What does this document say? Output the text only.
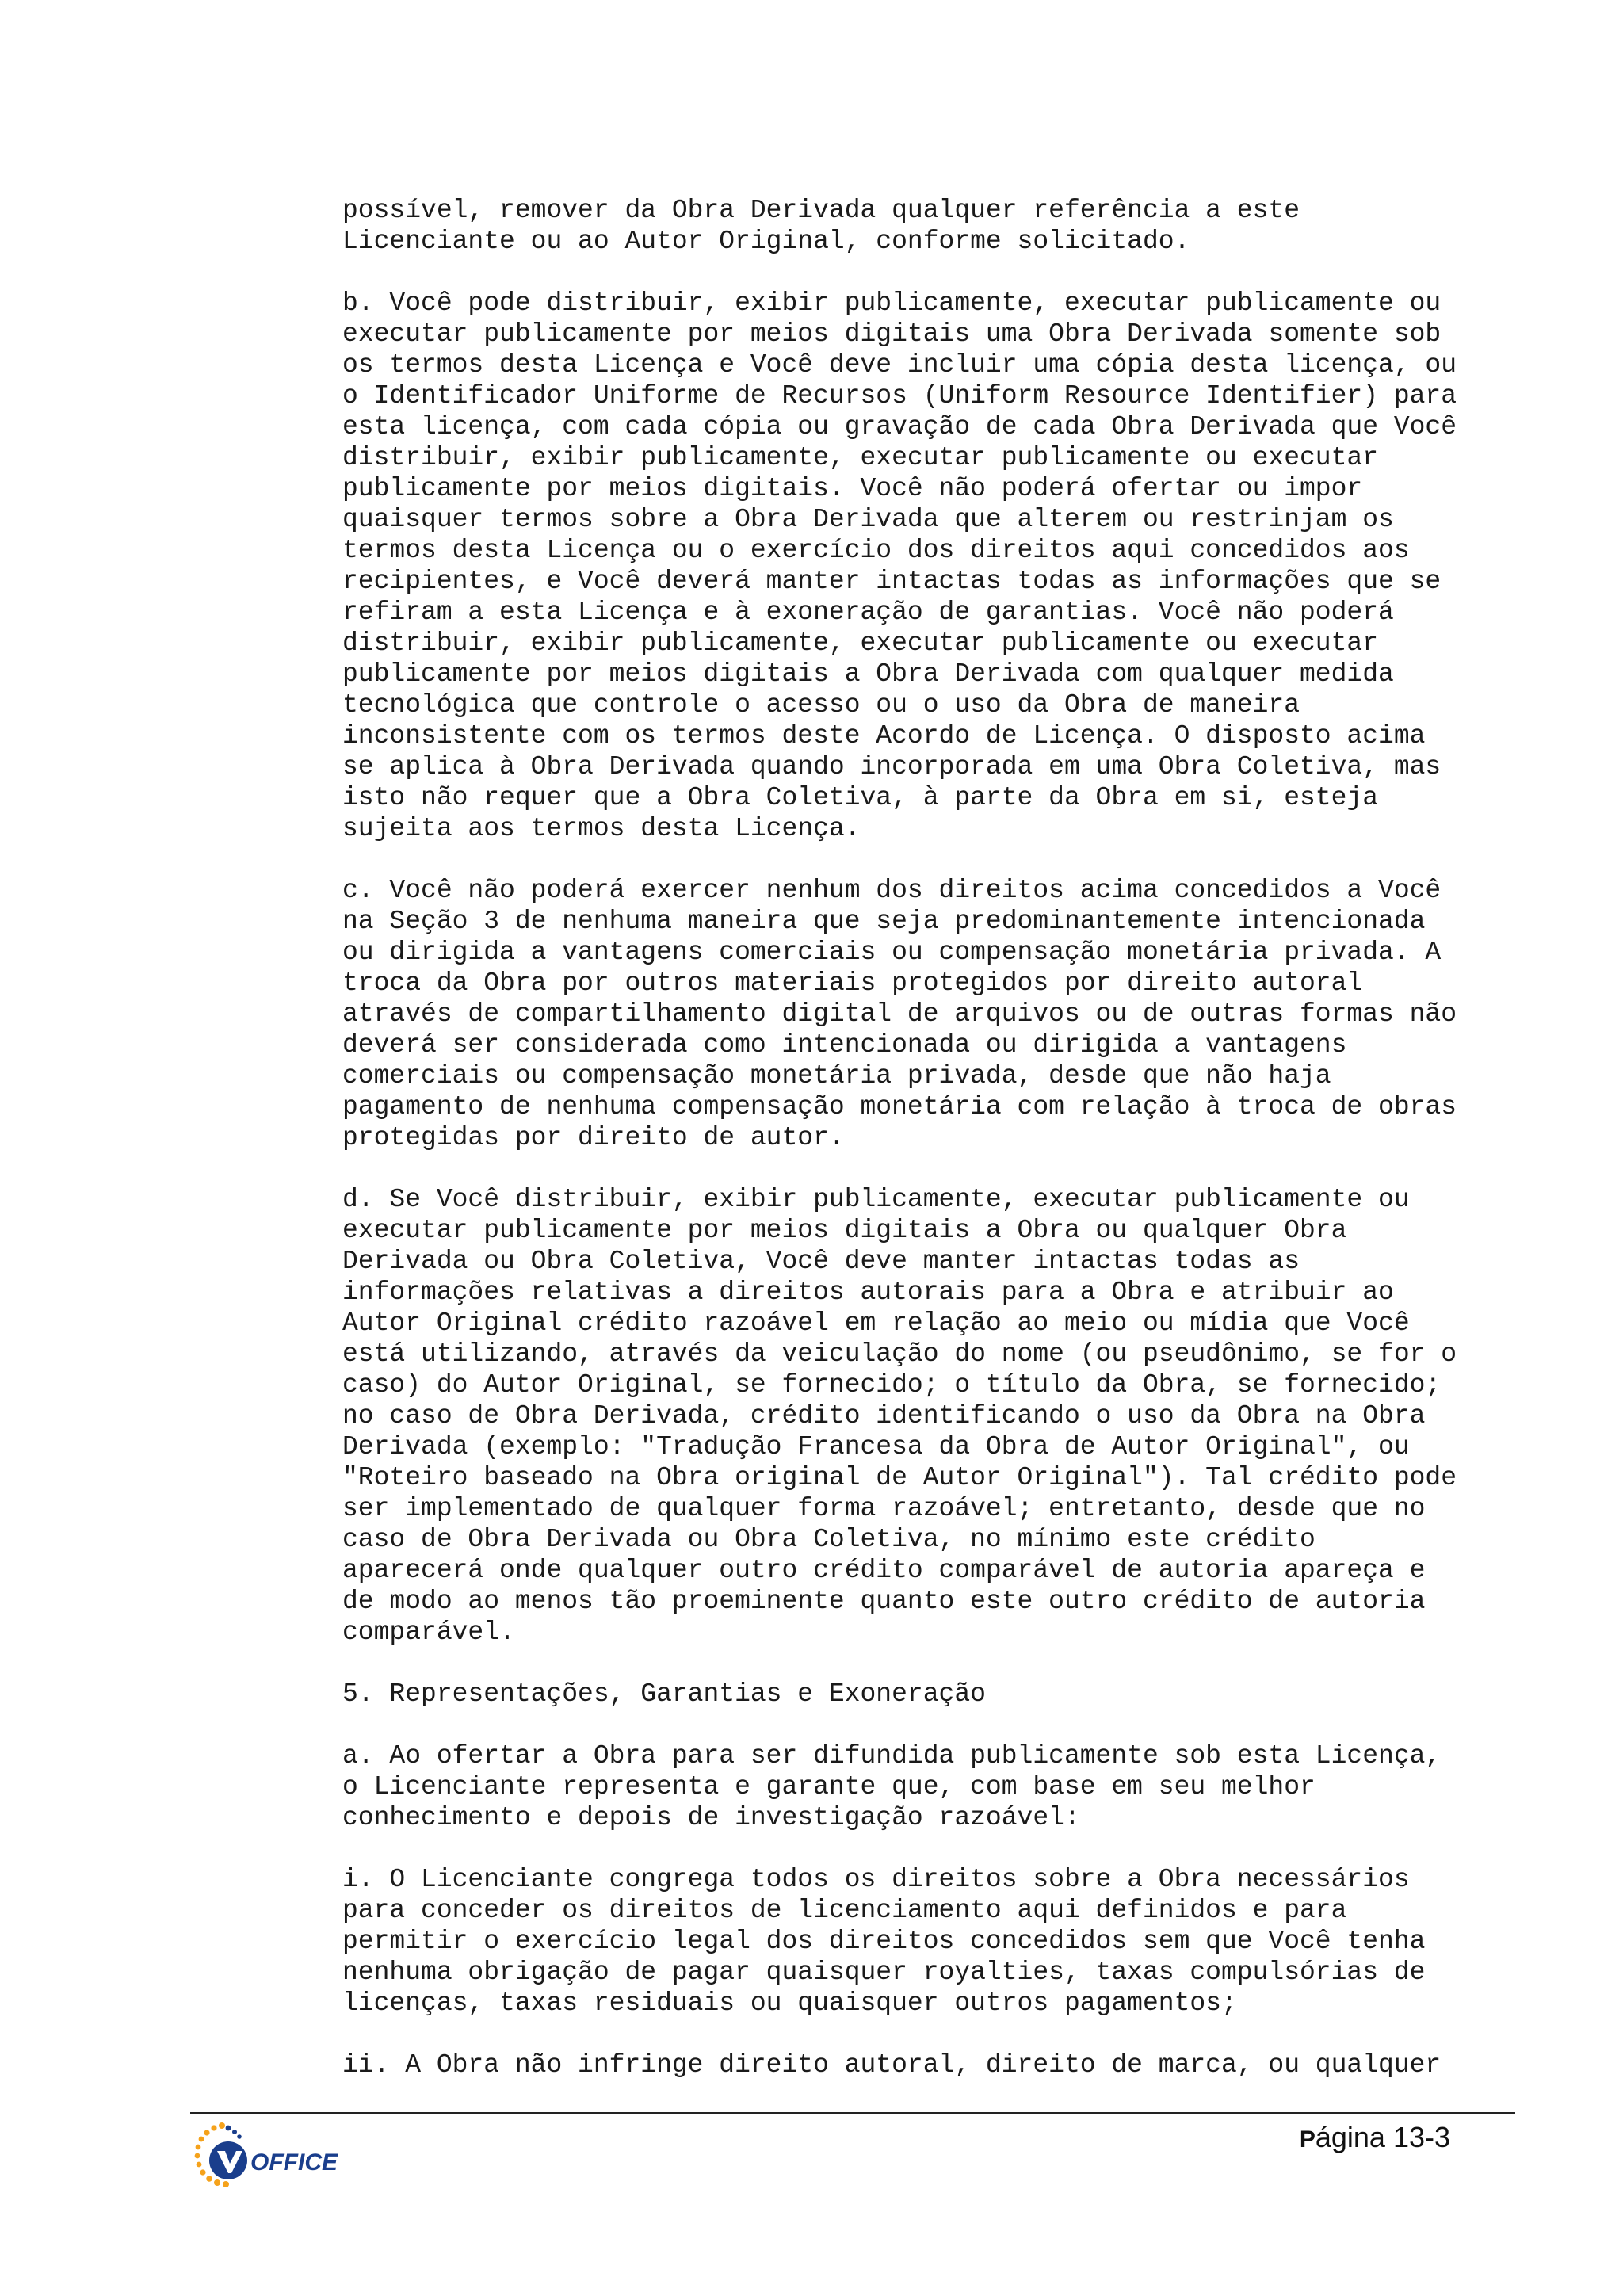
possível, remover da Obra Derivada qualquer referência a este
Licenciante ou ao Autor Original, conforme solicitado.

b. Você pode distribuir, exibir publicamente, executar publicamente ou
executar publicamente por meios digitais uma Obra Derivada somente sob
os termos desta Licença e Você deve incluir uma cópia desta licença, ou
o Identificador Uniforme de Recursos (Uniform Resource Identifier) para
esta licença, com cada cópia ou gravação de cada Obra Derivada que Você
distribuir, exibir publicamente, executar publicamente ou executar
publicamente por meios digitais. Você não poderá ofertar ou impor
quaisquer termos sobre a Obra Derivada que alterem ou restrinjam os
termos desta Licença ou o exercício dos direitos aqui concedidos aos
recipientes, e Você deverá manter intactas todas as informações que se
refiram a esta Licença e à exoneração de garantias. Você não poderá
distribuir, exibir publicamente, executar publicamente ou executar
publicamente por meios digitais a Obra Derivada com qualquer medida
tecnológica que controle o acesso ou o uso da Obra de maneira
inconsistente com os termos deste Acordo de Licença. O disposto acima
se aplica à Obra Derivada quando incorporada em uma Obra Coletiva, mas
isto não requer que a Obra Coletiva, à parte da Obra em si, esteja
sujeita aos termos desta Licença.

c. Você não poderá exercer nenhum dos direitos acima concedidos a Você
na Seção 3 de nenhuma maneira que seja predominantemente intencionada
ou dirigida a vantagens comerciais ou compensação monetária privada. A
troca da Obra por outros materiais protegidos por direito autoral
através de compartilhamento digital de arquivos ou de outras formas não
deverá ser considerada como intencionada ou dirigida a vantagens
comerciais ou compensação monetária privada, desde que não haja
pagamento de nenhuma compensação monetária com relação à troca de obras
protegidas por direito de autor.

d. Se Você distribuir, exibir publicamente, executar publicamente ou
executar publicamente por meios digitais a Obra ou qualquer Obra
Derivada ou Obra Coletiva, Você deve manter intactas todas as
informações relativas a direitos autorais para a Obra e atribuir ao
Autor Original crédito razoável em relação ao meio ou mídia que Você
está utilizando, através da veiculação do nome (ou pseudônimo, se for o
caso) do Autor Original, se fornecido; o título da Obra, se fornecido;
no caso de Obra Derivada, crédito identificando o uso da Obra na Obra
Derivada (exemplo: "Tradução Francesa da Obra de Autor Original", ou
"Roteiro baseado na Obra original de Autor Original"). Tal crédito pode
ser implementado de qualquer forma razoável; entretanto, desde que no
caso de Obra Derivada ou Obra Coletiva, no mínimo este crédito
aparecerá onde qualquer outro crédito comparável de autoria apareça e
de modo ao menos tão proeminente quanto este outro crédito de autoria
comparável.

5. Representações, Garantias e Exoneração

a. Ao ofertar a Obra para ser difundida publicamente sob esta Licença,
o Licenciante representa e garante que, com base em seu melhor
conhecimento e depois de investigação razoável:

i. O Licenciante congrega todos os direitos sobre a Obra necessários
para conceder os direitos de licenciamento aqui definidos e para
permitir o exercício legal dos direitos concedidos sem que Você tenha
nenhuma obrigação de pagar quaisquer royalties, taxas compulsórias de
licenças, taxas residuais ou quaisquer outros pagamentos;

ii. A Obra não infringe direito autoral, direito de marca, ou qualquer

OFFICE
Página 13-3
